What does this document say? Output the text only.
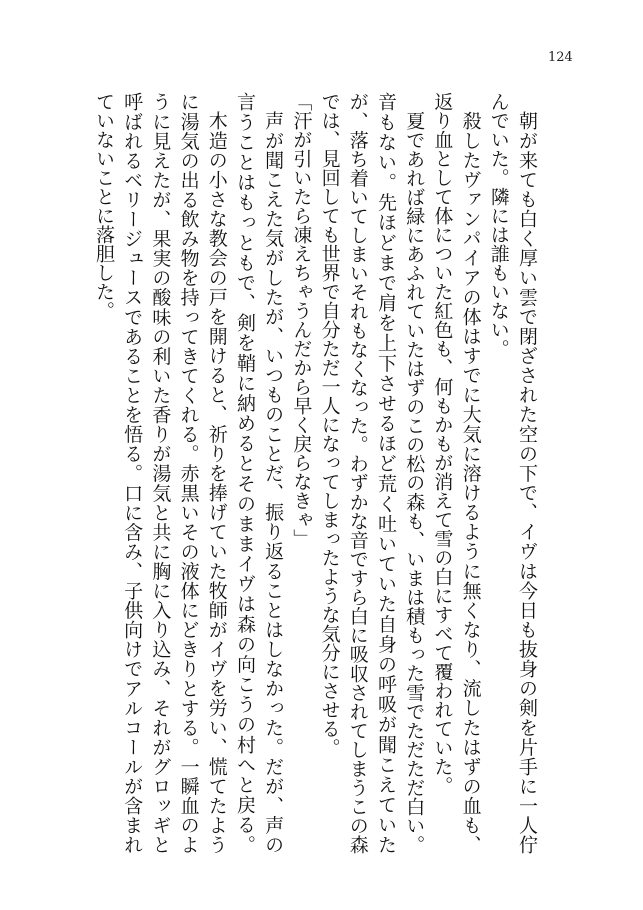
124
朝が来ても白く厚い雲で閉ざされた空の下で、イヴは今日も抜身の剣を片手に一人佇
んでいた。隣には誰もいない。
殺したヴァンパイアの体はすでに大気に溶けるように無くなり、流したはずの血も、
返り血として体についた紅色も、何もかもが消えて雪の白にすべて覆われていた。
夏であれば緑にあふれていたはずのこの松の森も、いまは積もった雪でただただ白い。
音もない。先ほどまで肩を上下させるほど荒く吐いていた自身の呼吸が聞こえていた
が、落ち着いてしまいそれもなくなった。わずかな音ですら白に吸収されてしまうこの森
では、見回しても世界で自分ただ一人になってしまったような気分にさせる。
「汗が引いたら凍えちゃうんだから早く戻らなきゃ」
声が聞こえた気がしたが、いつものことだ、振り返ることはしなかった。だが、声の
言うことはもっともで、剣を鞘に納めるとそのままイヴは森の向こうの村へと戻る。
木造の小さな教会の戸を開けると、祈りを捧げていた牧師がイヴを労い、慌てたよう
に湯気の出る飲み物を持ってきてくれる。赤黒いその液体にどきりとする。一瞬血のよ
うに見えたが、果実の酸味の利いた香りが湯気と共に胸に入り込み、それがグロッギと
呼ばれるベリージュースであることを悟る。口に含み、子供向けでアルコールが含まれ
ていないことに落胆した。
